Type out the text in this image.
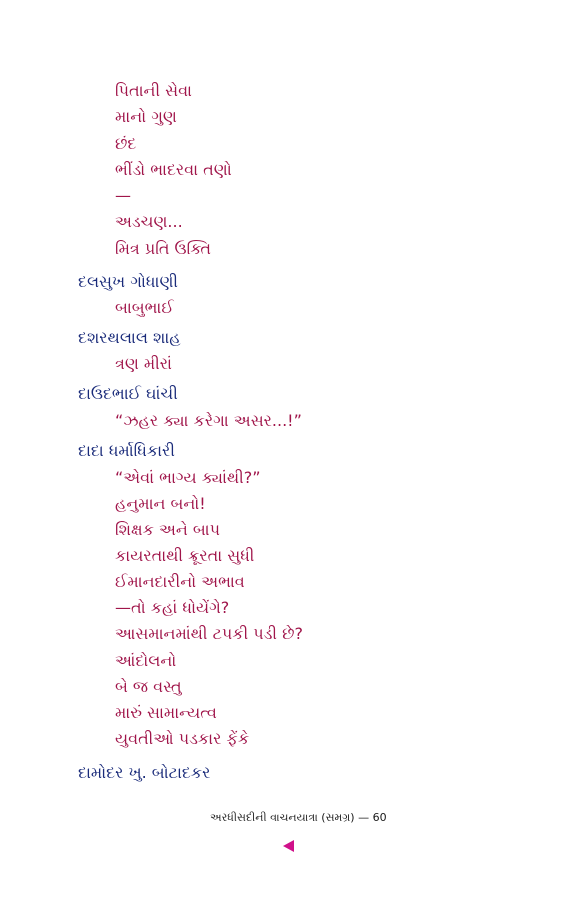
પિતાની સેવા
માનો ગુણ
છંદ
ભીંડો ભાદરવા તણો
—
અડચણ...
મિત્ર પ્રતિ ઉક્તિ
દલસુખ ગોધાણી
બાબુભાઈ
દશરથલાલ શાહ
ત્રણ મીરાં
દાઉદભાઈ ઘાંચી
“ઝહર ક્યા કરેગા અસર...!”
દાદા ધર્માધિકારી
“એવાં ભાગ્ય ક્યાંથી?”
હનુમાન બનો!
શિક્ષક અને બાપ
કાયરતાથી ક્રૂરતા સુધી
ઈમાનદારીનો અભાવ
—તો કહાં ધોયેંગે?
આસમાનમાંથી ટપકી પડી છે?
આંદોલનો
બે જ વસ્તુ
મારું સામાન્યત્વ
યુવતીઓ પડકાર ફેંકે
દામોદર ખુ. બોટાદકર
અરધીસદીની વાચનયાત્રા (સમગ્ર) — 60
